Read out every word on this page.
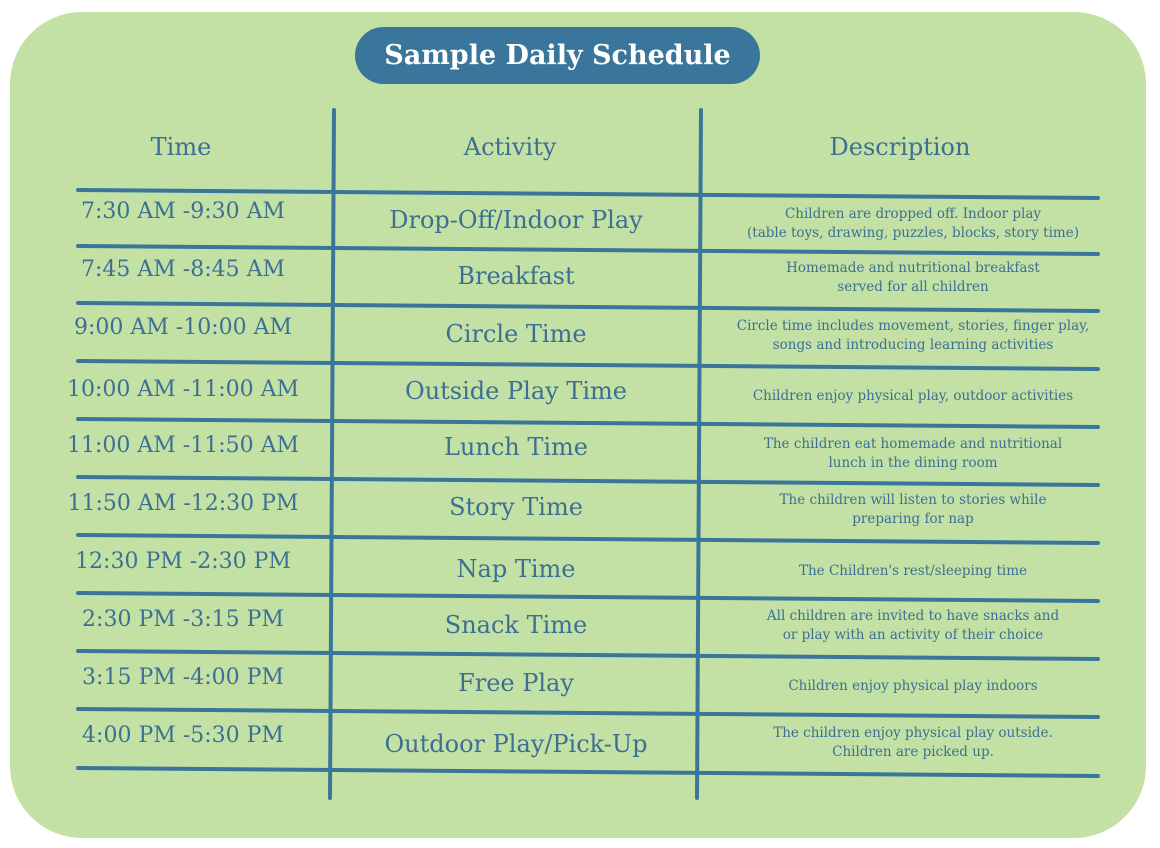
Sample Daily Schedule
Time	Activity	Description
7:30 AM -9:30 AM	Drop-Off/Indoor Play	Children are dropped off. Indoor play
(table toys, drawing, puzzles, blocks, story time)
7:45 AM -8:45 AM	Breakfast	Homemade and nutritional breakfast
served for all children
9:00 AM -10:00 AM	Circle Time	Circle time includes movement, stories, finger play,
songs and introducing learning activities
10:00 AM -11:00 AM	Outside Play Time	Children enjoy physical play, outdoor activities
11:00 AM -11:50 AM	Lunch Time	The children eat homemade and nutritional
lunch in the dining room
11:50 AM -12:30 PM	Story Time	The children will listen to stories while
preparing for nap
12:30 PM -2:30 PM	Nap Time	The Children's rest/sleeping time
2:30 PM -3:15 PM	Snack Time	All children are invited to have snacks and
or play with an activity of their choice
3:15 PM -4:00 PM	Free Play	Children enjoy physical play indoors
4:00 PM -5:30 PM	Outdoor Play/Pick-Up	The children enjoy physical play outside.
Children are picked up.
